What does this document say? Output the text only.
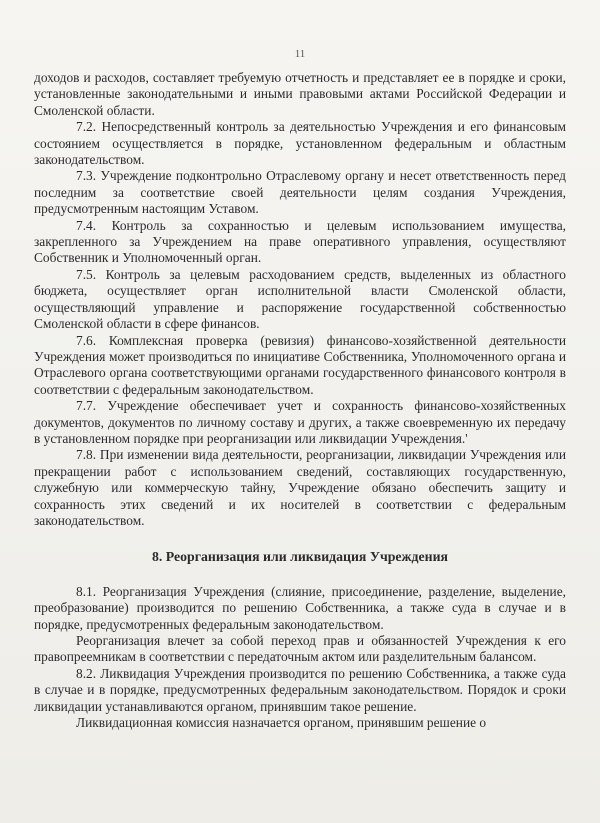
11

доходов и расходов, составляет требуемую отчетность и представляет ее в порядке и сроки, установленные законодательными и иными правовыми актами Российской Федерации и Смоленской области.

7.2. Непосредственный контроль за деятельностью Учреждения и его финансовым состоянием осуществляется в порядке, установленном федеральным и областным законодательством.

7.3. Учреждение подконтрольно Отраслевому органу и несет ответственность перед последним за соответствие своей деятельности целям создания Учреждения, предусмотренным настоящим Уставом.

7.4. Контроль за сохранностью и целевым использованием имущества, закрепленного за Учреждением на праве оперативного управления, осуществляют Собственник и Уполномоченный орган.

7.5. Контроль за целевым расходованием средств, выделенных из областного бюджета, осуществляет орган исполнительной власти Смоленской области, осуществляющий управление и распоряжение государственной собственностью Смоленской области в сфере финансов.

7.6. Комплексная проверка (ревизия) финансово-хозяйственной деятельности Учреждения может производиться по инициативе Собственника, Уполномоченного органа и Отраслевого органа соответствующими органами государственного финансового контроля в соответствии с федеральным законодательством.

7.7. Учреждение обеспечивает учет и сохранность финансово-хозяйственных документов, документов по личному составу и других, а также своевременную их передачу в установленном порядке при реорганизации или ликвидации Учреждения.'

7.8. При изменении вида деятельности, реорганизации, ликвидации Учреждения или прекращении работ с использованием сведений, составляющих государственную, служебную или коммерческую тайну, Учреждение обязано обеспечить защиту и сохранность этих сведений и их носителей в соответствии с федеральным законодательством.

8. Реорганизация или ликвидация Учреждения

8.1. Реорганизация Учреждения (слияние, присоединение, разделение, выделение, преобразование) производится по решению Собственника, а также суда в случае и в порядке, предусмотренных федеральным законодательством.

Реорганизация влечет за собой переход прав и обязанностей Учреждения к его правопреемникам в соответствии с передаточным актом или разделительным балансом.

8.2. Ликвидация Учреждения производится по решению Собственника, а также суда в случае и в порядке, предусмотренных федеральным законодательством. Порядок и сроки ликвидации устанавливаются органом, принявшим такое решение.

Ликвидационная комиссия назначается органом, принявшим решение о
